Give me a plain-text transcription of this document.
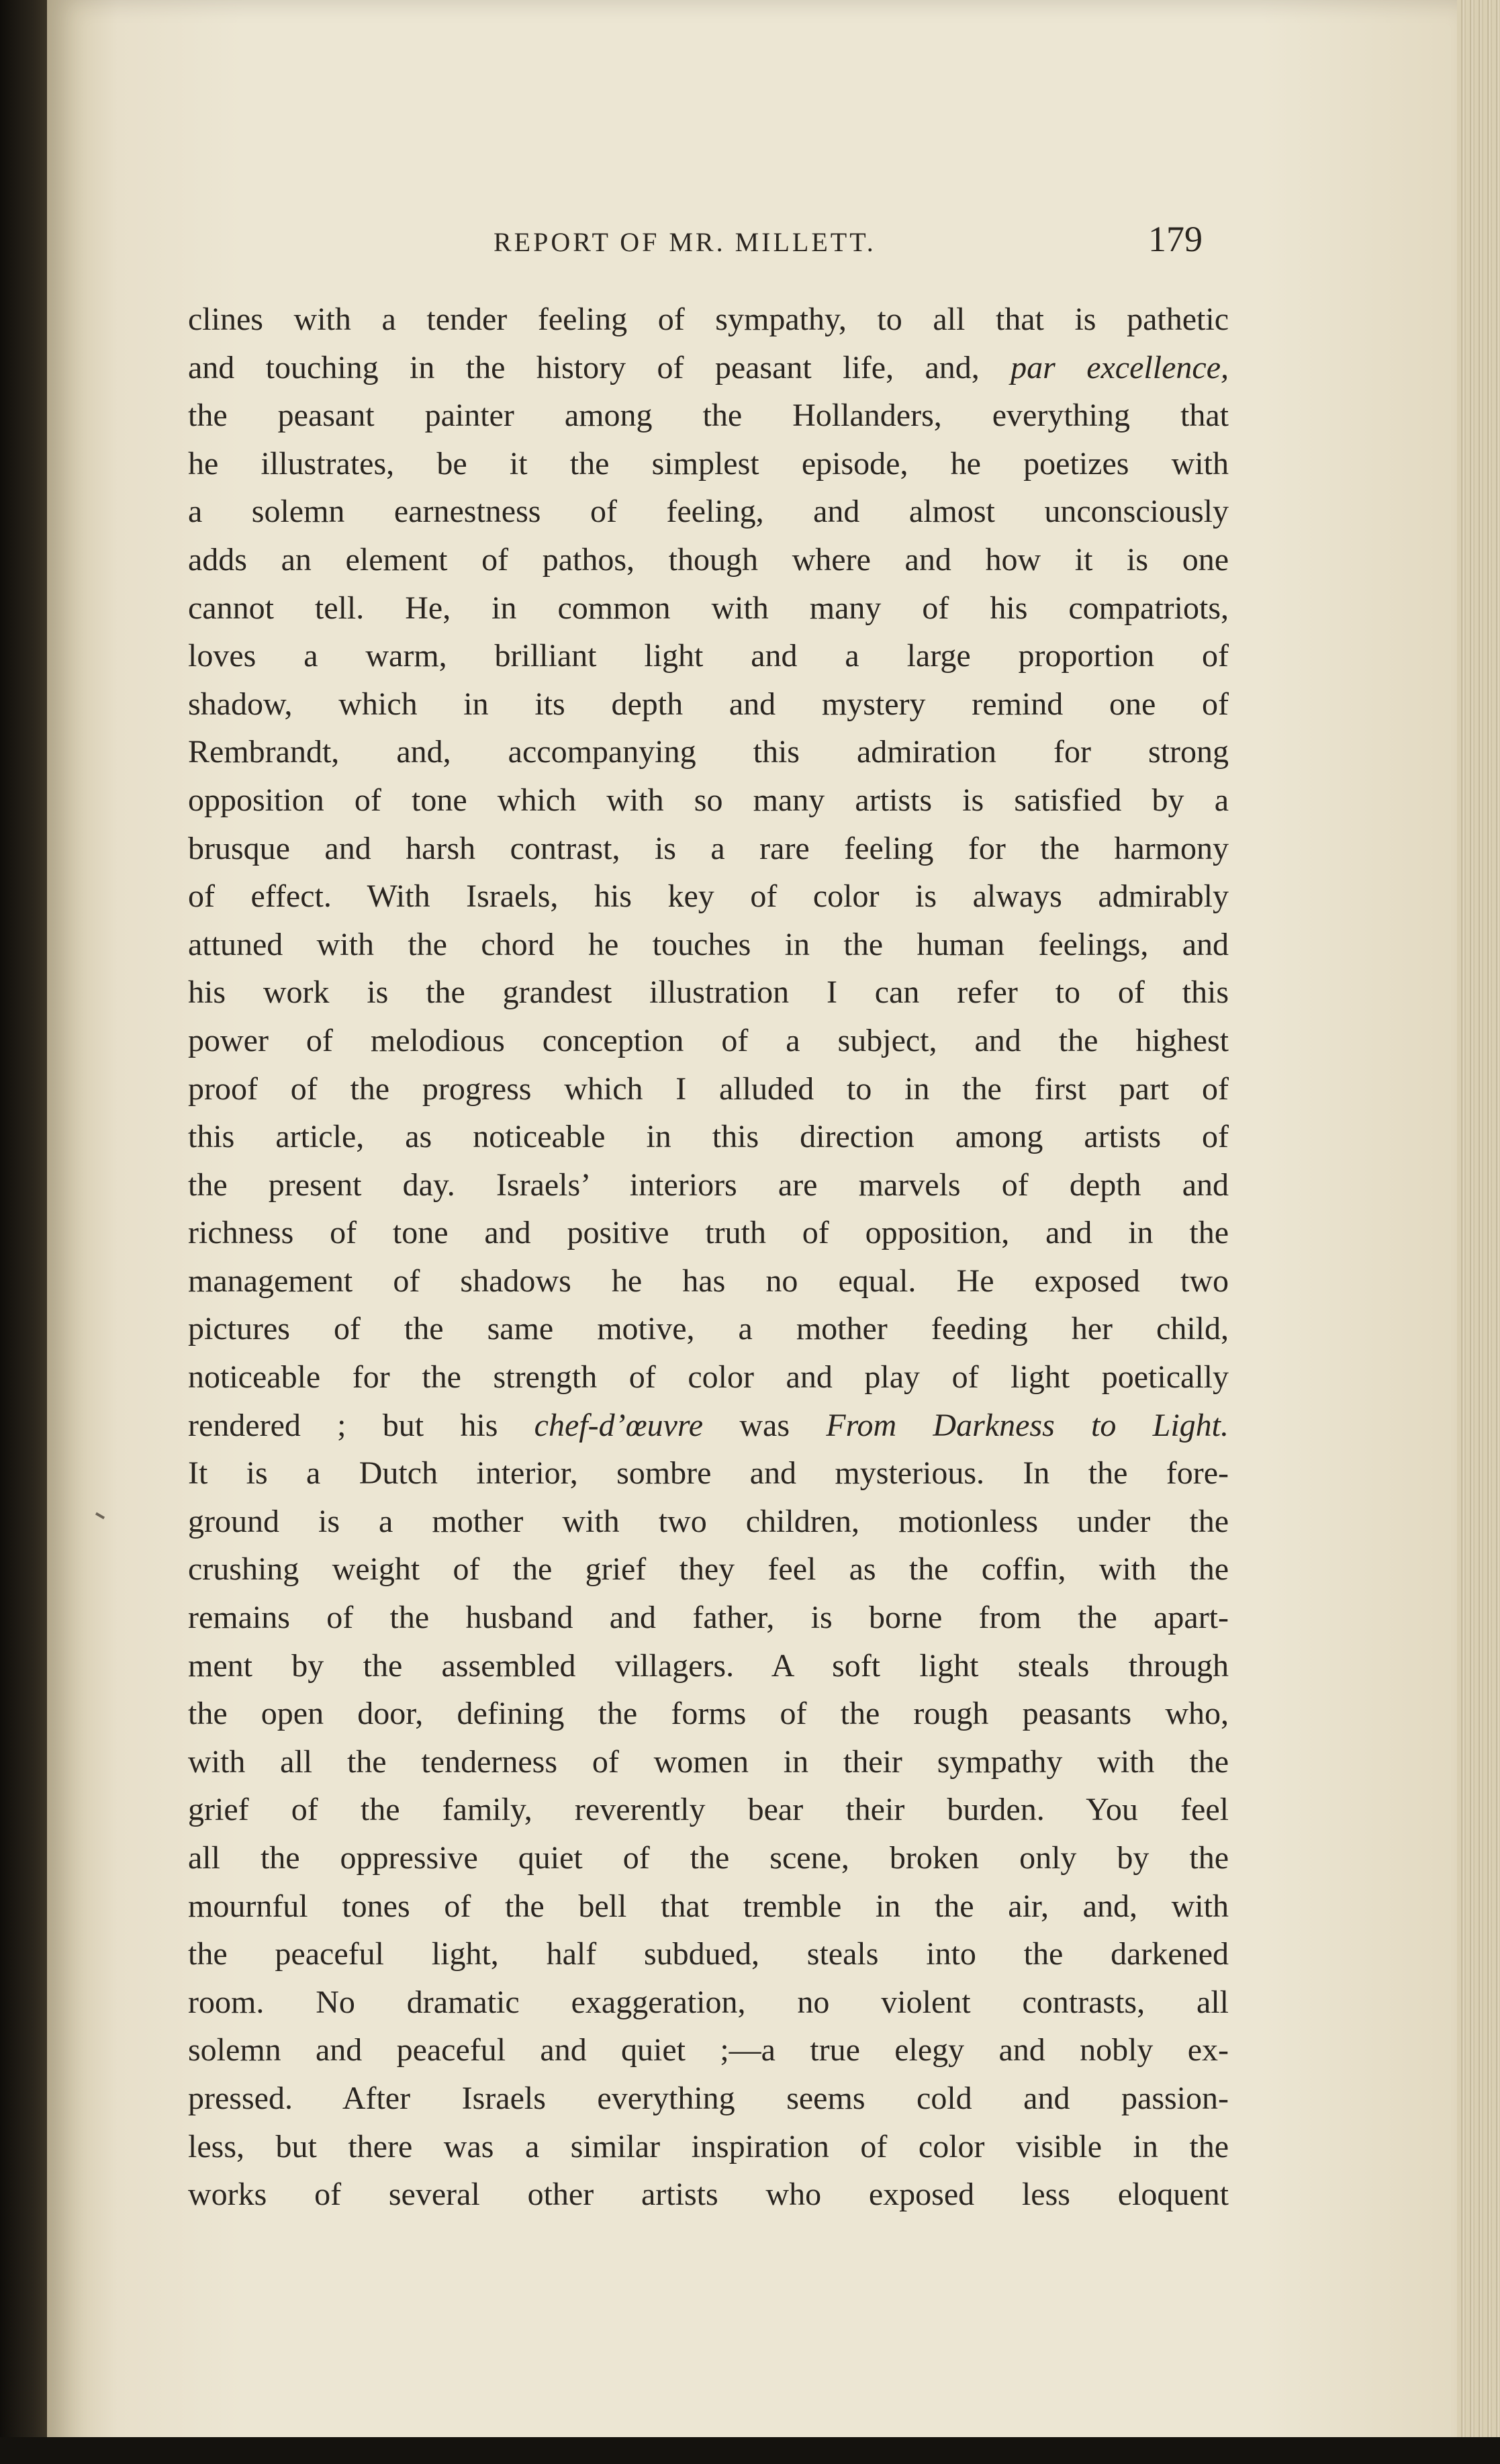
REPORT OF MR. MILLETT.	179
clines with a tender feeling of sympathy, to all that is pathetic
and touching in the history of peasant life, and, par excellence,
the peasant painter among the Hollanders, everything that
he illustrates, be it the simplest episode, he poetizes with
a solemn earnestness of feeling, and almost unconsciously
adds an element of pathos, though where and how it is one
cannot tell. He, in common with many of his compatriots,
loves a warm, brilliant light and a large proportion of
shadow, which in its depth and mystery remind one of
Rembrandt, and, accompanying this admiration for strong
opposition of tone which with so many artists is satisfied by a
brusque and harsh contrast, is a rare feeling for the harmony
of effect. With Israels, his key of color is always admirably
attuned with the chord he touches in the human feelings, and
his work is the grandest illustration I can refer to of this
power of melodious conception of a subject, and the highest
proof of the progress which I alluded to in the first part of
this article, as noticeable in this direction among artists of
the present day. Israels’ interiors are marvels of depth and
richness of tone and positive truth of opposition, and in the
management of shadows he has no equal. He exposed two
pictures of the same motive, a mother feeding her child,
noticeable for the strength of color and play of light poetically
rendered ; but his chef-d’œuvre was From Darkness to Light.
It is a Dutch interior, sombre and mysterious. In the fore-
ground is a mother with two children, motionless under the
crushing weight of the grief they feel as the coffin, with the
remains of the husband and father, is borne from the apart-
ment by the assembled villagers. A soft light steals through
the open door, defining the forms of the rough peasants who,
with all the tenderness of women in their sympathy with the
grief of the family, reverently bear their burden. You feel
all the oppressive quiet of the scene, broken only by the
mournful tones of the bell that tremble in the air, and, with
the peaceful light, half subdued, steals into the darkened
room. No dramatic exaggeration, no violent contrasts, all
solemn and peaceful and quiet ;—a true elegy and nobly ex-
pressed. After Israels everything seems cold and passion-
less, but there was a similar inspiration of color visible in the
works of several other artists who exposed less eloquent
